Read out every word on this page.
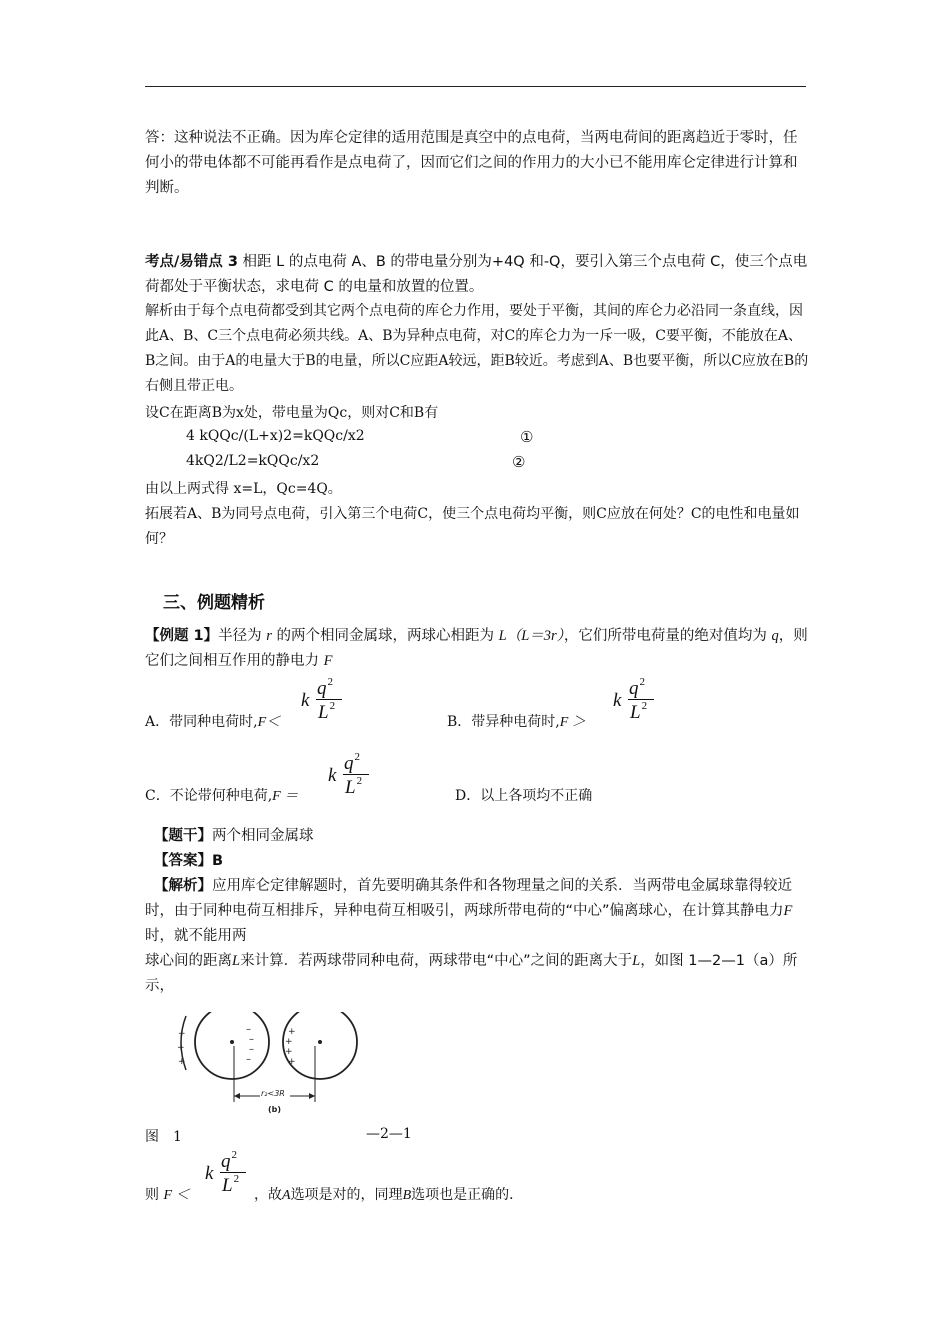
答：这种说法不正确。因为库仑定律的适用范围是真空中的点电荷，当两电荷间的距离趋近于零时，任何小的带电体都不可能再看作是点电荷了，因而它们之间的作用力的大小已不能用库仑定律进行计算和判断。
考点/易错点 3 相距 L 的点电荷 A、B 的带电量分别为+4Q 和-Q，要引入第三个点电荷 C，使三个点电荷都处于平衡状态，求电荷 C 的电量和放置的位置。
解析由于每个点电荷都受到其它两个点电荷的库仑力作用，要处于平衡，其间的库仑力必沿同一条直线，因此A、B、C三个点电荷必须共线。A、B为异种点电荷，对C的库仑力为一斥一吸，C要平衡，不能放在A、B之间。由于A的电量大于B的电量，所以C应距A较远，距B较近。考虑到A、B也要平衡，所以C应放在B的右侧且带正电。
设C在距离B为x处，带电量为Qc，则对C和B有
4 kQQc/(L+x)2=kQQc/x2	①
4kQ2/L2=kQQc/x2	②
由以上两式得 x=L，Qc=4Q。
拓展若A、B为同号点电荷，引入第三个电荷C，使三个点电荷均平衡，则C应放在何处？C的电性和电量如何？
三、例题精析
【例题 1】半径为 r 的两个相同金属球，两球心相距为 L（L＝3r），它们所带电荷量的绝对值均为 q，则它们之间相互作用的静电力 F
A．带同种电荷时,F＜
k
$q^2$
$L^2$
B．带异种电荷时,F ＞
k
$q^2$
$L^2$
C．不论带何种电荷,F ＝
k
$q^2$
$L^2$
D．以上各项均不正确
【题干】两个相同金属球
【答案】B
【解析】应用库仑定律解题时，首先要明确其条件和各物理量之间的关系．当两带电金属球靠得较近时，由于同种电荷互相排斥，异种电荷互相吸引，两球所带电荷的“中心”偏离球心，在计算其静电力F时，就不能用两
球心间的距离L来计算．若两球带同种电荷，两球带电“中心”之间的距离大于L，如图 1—2—1（a）所示，
+
+
+
–
–
–
–
+
+
+
+
r₂<3R
(b)
图　1	—2—1
则 F ＜
k
$q^2$
$L^2$
，故A选项是对的，同理B选项也是正确的．
